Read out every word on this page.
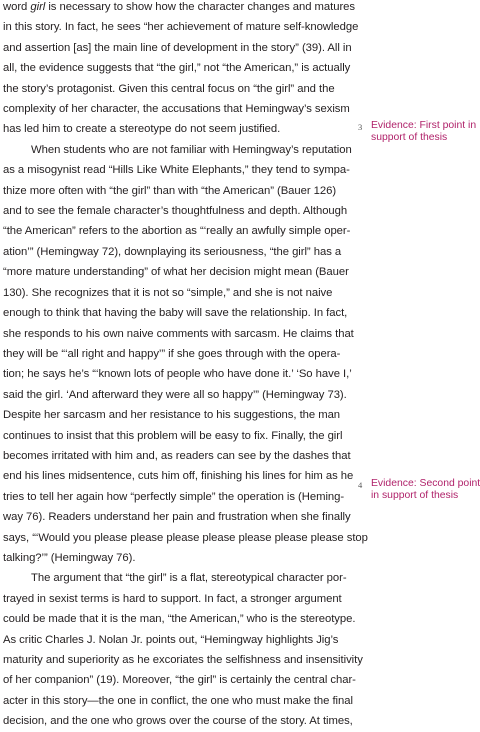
word girl is necessary to show how the character changes and matures
in this story. In fact, he sees “her achievement of mature self-knowledge
and assertion [as] the main line of development in the story” (39). All in
all, the evidence suggests that “the girl,” not “the American,” is actually
the story’s protagonist. Given this central focus on “the girl” and the
complexity of her character, the accusations that Hemingway’s sexism
has led him to create a stereotype do not seem justified.

When students who are not familiar with Hemingway’s reputation
as a misogynist read “Hills Like White Elephants,” they tend to sympa-
thize more often with “the girl” than with “the American” (Bauer 126)
and to see the female character’s thoughtfulness and depth. Although
“the American” refers to the abortion as “‘really an awfully simple oper-
ation’” (Hemingway 72), downplaying its seriousness, “the girl” has a
“more mature understanding” of what her decision might mean (Bauer
130). She recognizes that it is not so “simple,” and she is not naive
enough to think that having the baby will save the relationship. In fact,
she responds to his own naive comments with sarcasm. He claims that
they will be “‘all right and happy’” if she goes through with the opera-
tion; he says he’s “‘known lots of people who have done it.’ ‘So have I,’
said the girl. ‘And afterward they were all so happy’” (Hemingway 73).
Despite her sarcasm and her resistance to his suggestions, the man
continues to insist that this problem will be easy to fix. Finally, the girl
becomes irritated with him and, as readers can see by the dashes that
end his lines midsentence, cuts him off, finishing his lines for him as he
tries to tell her again how “perfectly simple” the operation is (Heming-
way 76). Readers understand her pain and frustration when she finally
says, “‘Would you please please please please please please please stop
talking?’” (Hemingway 76).

The argument that “the girl” is a flat, stereotypical character por-
trayed in sexist terms is hard to support. In fact, a stronger argument
could be made that it is the man, “the American,” who is the stereotype.
As critic Charles J. Nolan Jr. points out, “Hemingway highlights Jig’s
maturity and superiority as he excoriates the selfishness and insensitivity
of her companion” (19). Moreover, “the girl” is certainly the central char-
acter in this story—the one in conflict, the one who must make the final
decision, and the one who grows over the course of the story. At times,

3 Evidence: First point in support of thesis
4 Evidence: Second point in support of thesis
